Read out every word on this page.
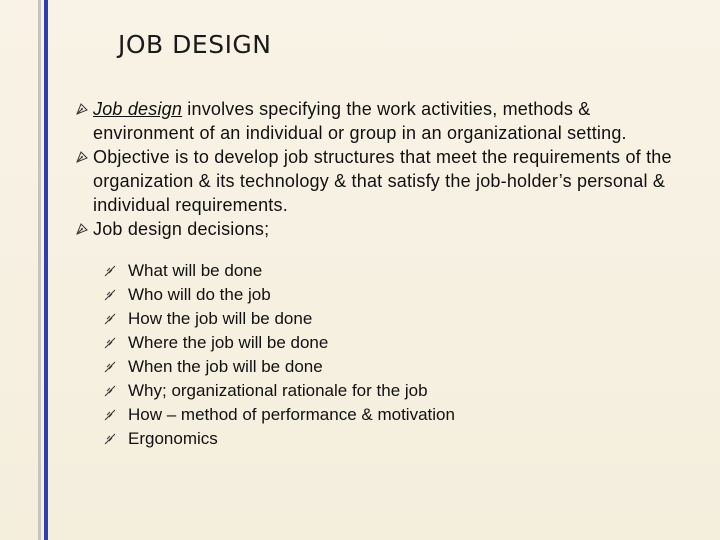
JOB DESIGN
Job design involves specifying the work activities, methods & environment of an individual or group in an organizational setting.
Objective is to develop job structures that meet the requirements of the organization & its technology & that satisfy the job-holder’s personal & individual requirements.
Job design decisions;
What will be done
Who will do the job
How the job will be done
Where the job will be done
When the job will be done
Why; organizational rationale for the job
How – method of performance & motivation
Ergonomics
